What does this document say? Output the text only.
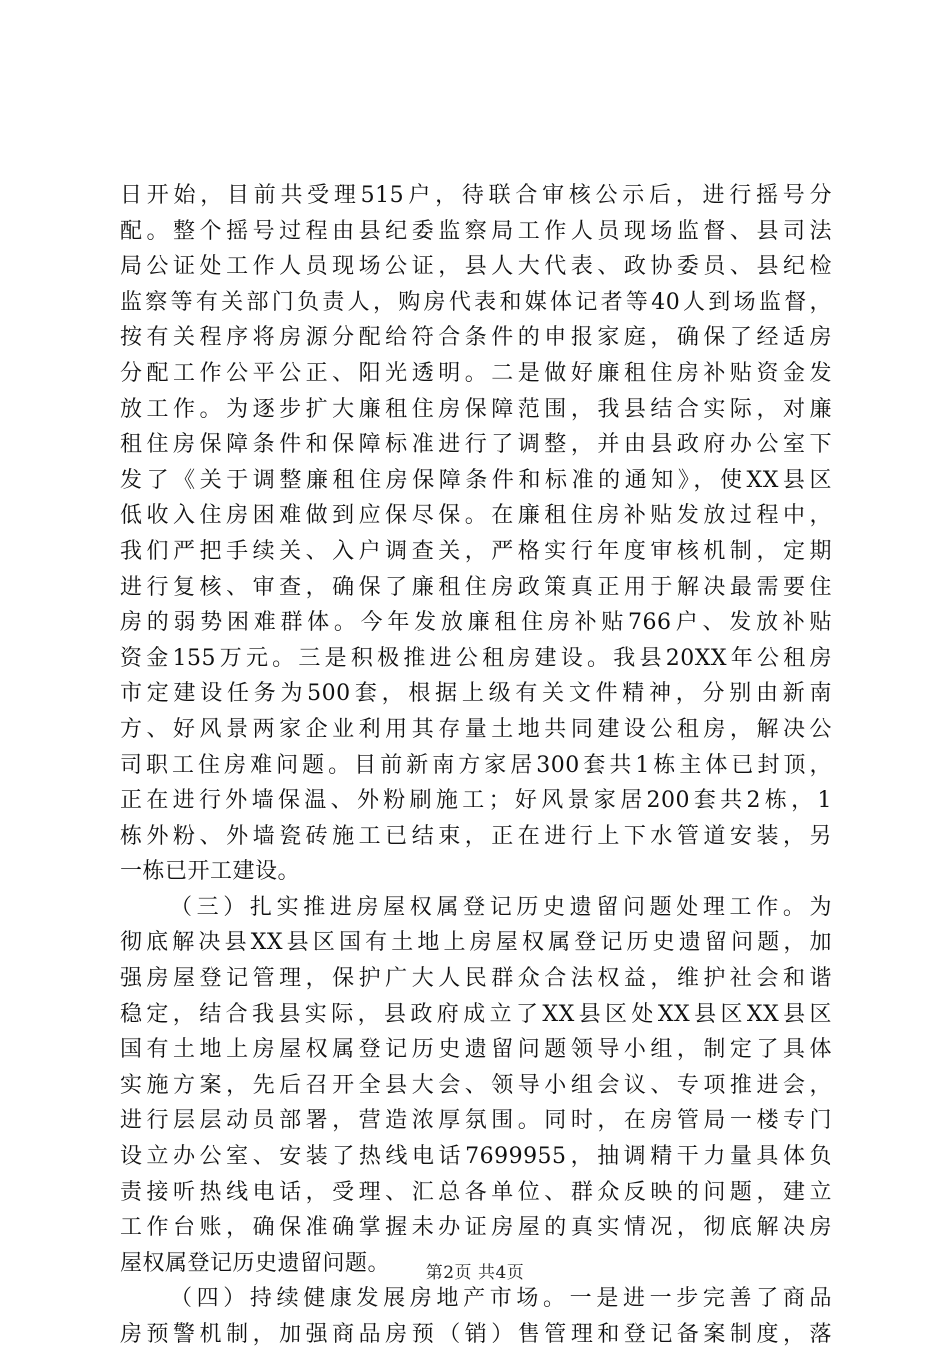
日开始，目前共受理515户，待联合审核公示后，进行摇号分
配。整个摇号过程由县纪委监察局工作人员现场监督、县司法
局公证处工作人员现场公证，县人大代表、政协委员、县纪检
监察等有关部门负责人，购房代表和媒体记者等40人到场监督，
按有关程序将房源分配给符合条件的申报家庭，确保了经适房
分配工作公平公正、阳光透明。二是做好廉租住房补贴资金发
放工作。为逐步扩大廉租住房保障范围，我县结合实际，对廉
租住房保障条件和保障标准进行了调整，并由县政府办公室下
发了《关于调整廉租住房保障条件和标准的通知》，使XX县区
低收入住房困难做到应保尽保。在廉租住房补贴发放过程中，
我们严把手续关、入户调查关，严格实行年度审核机制，定期
进行复核、审查，确保了廉租住房政策真正用于解决最需要住
房的弱势困难群体。今年发放廉租住房补贴766户、发放补贴
资金155万元。三是积极推进公租房建设。我县20XX年公租房
市定建设任务为500套，根据上级有关文件精神，分别由新南
方、好风景两家企业利用其存量土地共同建设公租房，解决公
司职工住房难问题。目前新南方家居300套共1栋主体已封顶，
正在进行外墙保温、外粉刷施工；好风景家居200套共2栋，1
栋外粉、外墙瓷砖施工已结束，正在进行上下水管道安装，另
一栋已开工建设。
（三）扎实推进房屋权属登记历史遗留问题处理工作。为
彻底解决县XX县区国有土地上房屋权属登记历史遗留问题，加
强房屋登记管理，保护广大人民群众合法权益，维护社会和谐
稳定，结合我县实际，县政府成立了XX县区处XX县区XX县区
国有土地上房屋权属登记历史遗留问题领导小组，制定了具体
实施方案，先后召开全县大会、领导小组会议、专项推进会，
进行层层动员部署，营造浓厚氛围。同时，在房管局一楼专门
设立办公室、安装了热线电话7699955，抽调精干力量具体负
责接听热线电话，受理、汇总各单位、群众反映的问题，建立
工作台账，确保准确掌握未办证房屋的真实情况，彻底解决房
屋权属登记历史遗留问题。
（四）持续健康发展房地产市场。一是进一步完善了商品
房预警机制，加强商品房预（销）售管理和登记备案制度，落
第2页 共4页
